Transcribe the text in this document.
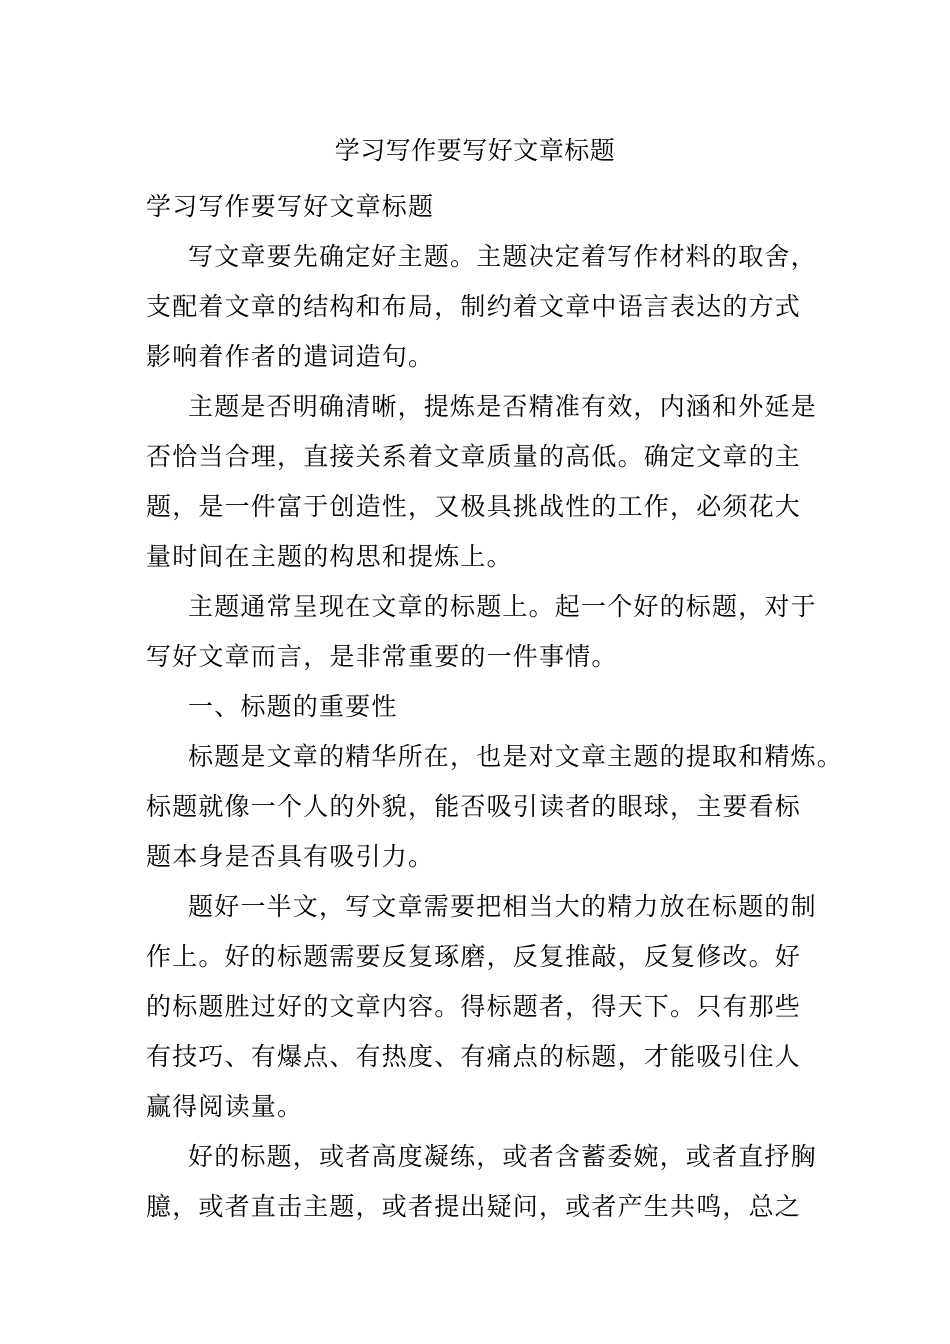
学习写作要写好文章标题

学习写作要写好文章标题

写文章要先确定好主题。主题决定着写作材料的取舍，

支配着文章的结构和布局，制约着文章中语言表达的方式

影响着作者的遣词造句。

主题是否明确清晰，提炼是否精准有效，内涵和外延是

否恰当合理，直接关系着文章质量的高低。确定文章的主

题，是一件富于创造性，又极具挑战性的工作，必须花大

量时间在主题的构思和提炼上。

主题通常呈现在文章的标题上。起一个好的标题，对于

写好文章而言，是非常重要的一件事情。

一、标题的重要性

标题是文章的精华所在，也是对文章主题的提取和精炼。

标题就像一个人的外貌，能否吸引读者的眼球，主要看标

题本身是否具有吸引力。

题好一半文，写文章需要把相当大的精力放在标题的制

作上。好的标题需要反复琢磨，反复推敲，反复修改。好

的标题胜过好的文章内容。得标题者，得天下。只有那些

有技巧、有爆点、有热度、有痛点的标题，才能吸引住人

赢得阅读量。

好的标题，或者高度凝练，或者含蓄委婉，或者直抒胸

臆，或者直击主题，或者提出疑问，或者产生共鸣，总之
